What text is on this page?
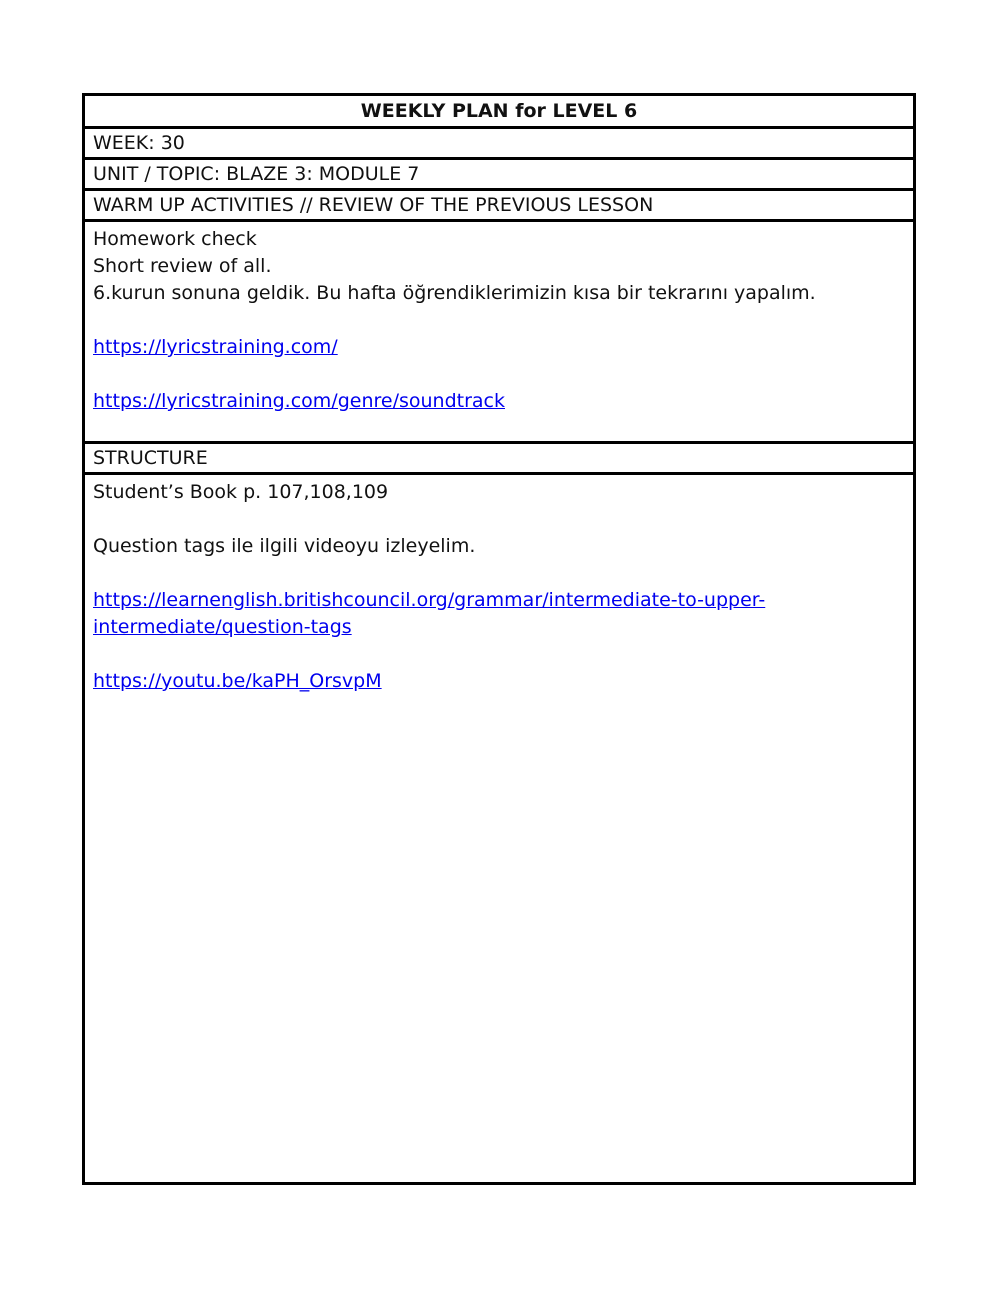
WEEKLY PLAN for LEVEL 6
WEEK: 30
UNIT / TOPIC: BLAZE 3: MODULE 7
WARM UP ACTIVITIES // REVIEW OF THE PREVIOUS LESSON
Homework check
Short review of all.
6.kurun sonuna geldik. Bu hafta öğrendiklerimizin kısa bir tekrarını yapalım.
https://lyricstraining.com/
https://lyricstraining.com/genre/soundtrack
STRUCTURE
Student’s Book p. 107,108,109
Question tags ile ilgili videoyu izleyelim.
https://learnenglish.britishcouncil.org/grammar/intermediate-to-upper-
intermediate/question-tags
https://youtu.be/kaPH_OrsvpM
